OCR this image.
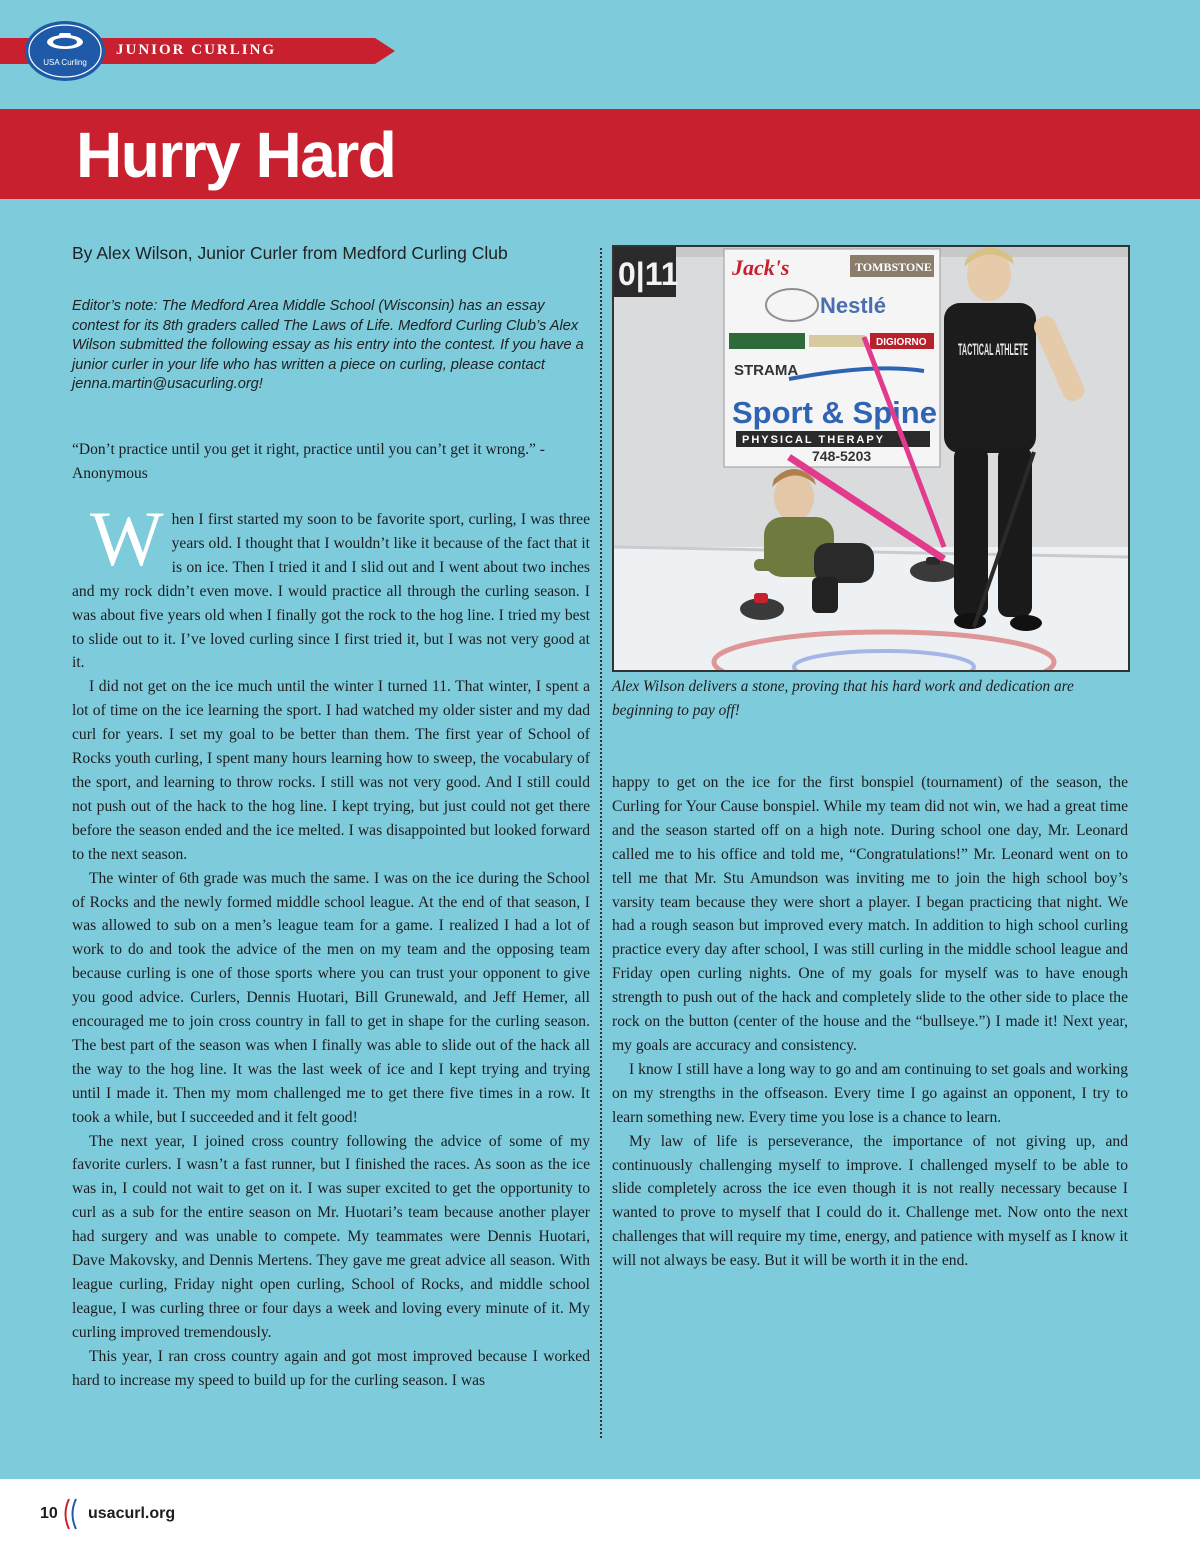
JUNIOR CURLING
USA Curling
Hurry Hard
By Alex Wilson, Junior Curler from Medford Curling Club
Editor’s note: The Medford Area Middle School (Wisconsin) has an essay contest for its 8th graders called The Laws of Life. Medford Curling Club’s Alex Wilson submitted the following essay as his entry into the contest. If you have a junior curler in your life who has written a piece on curling, please contact jenna.martin@usacurling.org!
“Don’t practice until you get it right, practice until you can’t get it wrong.” -Anonymous

When I first started my soon to be favorite sport, curling, I was three years old. I thought that I wouldn’t like it because of the fact that it is on ice. Then I tried it and I slid out and I went about two inches and my rock didn’t even move. I would practice all through the curling season. I was about five years old when I finally got the rock to the hog line. I tried my best to slide out to it. I’ve loved curling since I first tried it, but I was not very good at it.

I did not get on the ice much until the winter I turned 11. That winter, I spent a lot of time on the ice learning the sport. I had watched my older sister and my dad curl for years. I set my goal to be better than them. The first year of School of Rocks youth curling, I spent many hours learning how to sweep, the vocabulary of the sport, and learning to throw rocks. I still was not very good. And I still could not push out of the hack to the hog line. I kept trying, but just could not get there before the season ended and the ice melted. I was disappointed but looked forward to the next season.

The winter of 6th grade was much the same. I was on the ice during the School of Rocks and the newly formed middle school league. At the end of that season, I was allowed to sub on a men’s league team for a game. I realized I had a lot of work to do and took the advice of the men on my team and the opposing team because curling is one of those sports where you can trust your opponent to give you good advice. Curlers, Dennis Huotari, Bill Grunewald, and Jeff Hemer, all encouraged me to join cross country in fall to get in shape for the curling season. The best part of the season was when I finally was able to slide out of the hack all the way to the hog line. It was the last week of ice and I kept trying and trying until I made it. Then my mom challenged me to get there five times in a row. It took a while, but I succeeded and it felt good!

The next year, I joined cross country following the advice of some of my favorite curlers. I wasn’t a fast runner, but I finished the races. As soon as the ice was in, I could not wait to get on it. I was super excited to get the opportunity to curl as a sub for the entire season on Mr. Huotari’s team because another player had surgery and was unable to compete. My teammates were Dennis Huotari, Dave Makovsky, and Dennis Mertens. They gave me great advice all season. With league curling, Friday night open curling, School of Rocks, and middle school league, I was curling three or four days a week and loving every minute of it. My curling improved tremendously.

This year, I ran cross country again and got most improved because I worked hard to increase my speed to build up for the curling season. I was

0|11 Jack's	TOMBSTONE
Nestlé
DIGIORNO
STRAMA
Sport & Spine
PHYSICAL THERAPY
748-5203
TACTICAL ATHLETE
Alex Wilson delivers a stone, proving that his hard work and dedication are beginning to pay off!

happy to get on the ice for the first bonspiel (tournament) of the season, the Curling for Your Cause bonspiel. While my team did not win, we had a great time and the season started off on a high note. During school one day, Mr. Leonard called me to his office and told me, “Congratulations!” Mr. Leonard went on to tell me that Mr. Stu Amundson was inviting me to join the high school boy’s varsity team because they were short a player. I began practicing that night. We had a rough season but improved every match. In addition to high school curling practice every day after school, I was still curling in the middle school league and Friday open curling nights. One of my goals for myself was to have enough strength to push out of the hack and completely slide to the other side to place the rock on the button (center of the house and the “bullseye.”) I made it! Next year, my goals are accuracy and consistency.

I know I still have a long way to go and am continuing to set goals and working on my strengths in the offseason. Every time I go against an opponent, I try to learn something new. Every time you lose is a chance to learn.

My law of life is perseverance, the importance of not giving up, and continuously challenging myself to improve. I challenged myself to be able to slide completely across the ice even though it is not really necessary because I wanted to prove to myself that I could do it. Challenge met. Now onto the next challenges that will require my time, energy, and patience with myself as I know it will not always be easy. But it will be worth it in the end.

10 usacurl.org
